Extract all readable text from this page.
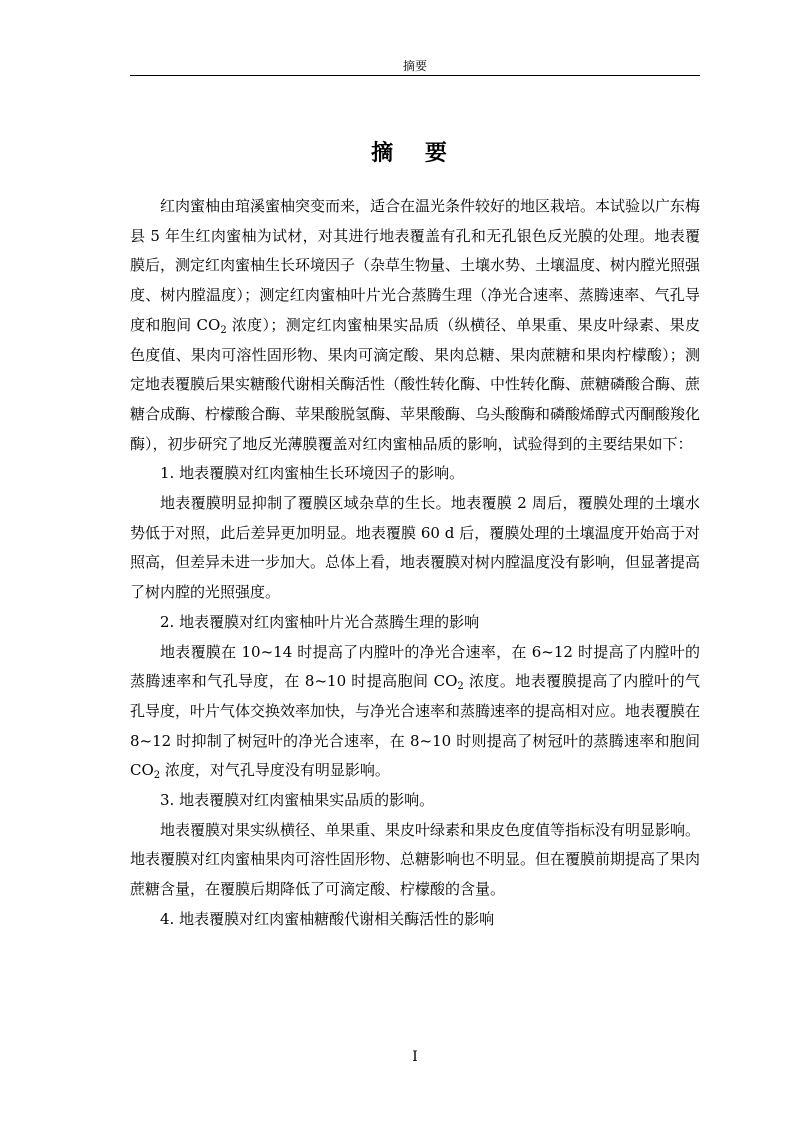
摘要
摘 要

红肉蜜柚由琯溪蜜柚突变而来，适合在温光条件较好的地区栽培。本试验以广东梅县 5 年生红肉蜜柚为试材，对其进行地表覆盖有孔和无孔银色反光膜的处理。地表覆膜后，测定红肉蜜柚生长环境因子（杂草生物量、土壤水势、土壤温度、树内膛光照强度、树内膛温度）；测定红肉蜜柚叶片光合蒸腾生理（净光合速率、蒸腾速率、气孔导度和胞间 $CO_2$ 浓度）；测定红肉蜜柚果实品质（纵横径、单果重、果皮叶绿素、果皮色度值、果肉可溶性固形物、果肉可滴定酸、果肉总糖、果肉蔗糖和果肉柠檬酸）；测定地表覆膜后果实糖酸代谢相关酶活性（酸性转化酶、中性转化酶、蔗糖磷酸合酶、蔗糖合成酶、柠檬酸合酶、苹果酸脱氢酶、苹果酸酶、乌头酸酶和磷酸烯醇式丙酮酸羧化酶），初步研究了地反光薄膜覆盖对红肉蜜柚品质的影响，试验得到的主要结果如下：

1. 地表覆膜对红肉蜜柚生长环境因子的影响。

地表覆膜明显抑制了覆膜区域杂草的生长。地表覆膜 2 周后，覆膜处理的土壤水势低于对照，此后差异更加明显。地表覆膜 60 d 后，覆膜处理的土壤温度开始高于对照高，但差异未进一步加大。总体上看，地表覆膜对树内膛温度没有影响，但显著提高了树内膛的光照强度。

2. 地表覆膜对红肉蜜柚叶片光合蒸腾生理的影响

地表覆膜在 10~14 时提高了内膛叶的净光合速率，在 6~12 时提高了内膛叶的蒸腾速率和气孔导度，在 8~10 时提高胞间 $CO_2$ 浓度。地表覆膜提高了内膛叶的气孔导度，叶片气体交换效率加快，与净光合速率和蒸腾速率的提高相对应。地表覆膜在 8~12 时抑制了树冠叶的净光合速率，在 8~10 时则提高了树冠叶的蒸腾速率和胞间 $CO_2$ 浓度，对气孔导度没有明显影响。

3. 地表覆膜对红肉蜜柚果实品质的影响。

地表覆膜对果实纵横径、单果重、果皮叶绿素和果皮色度值等指标没有明显影响。地表覆膜对红肉蜜柚果肉可溶性固形物、总糖影响也不明显。但在覆膜前期提高了果肉蔗糖含量，在覆膜后期降低了可滴定酸、柠檬酸的含量。

4. 地表覆膜对红肉蜜柚糖酸代谢相关酶活性的影响

I
